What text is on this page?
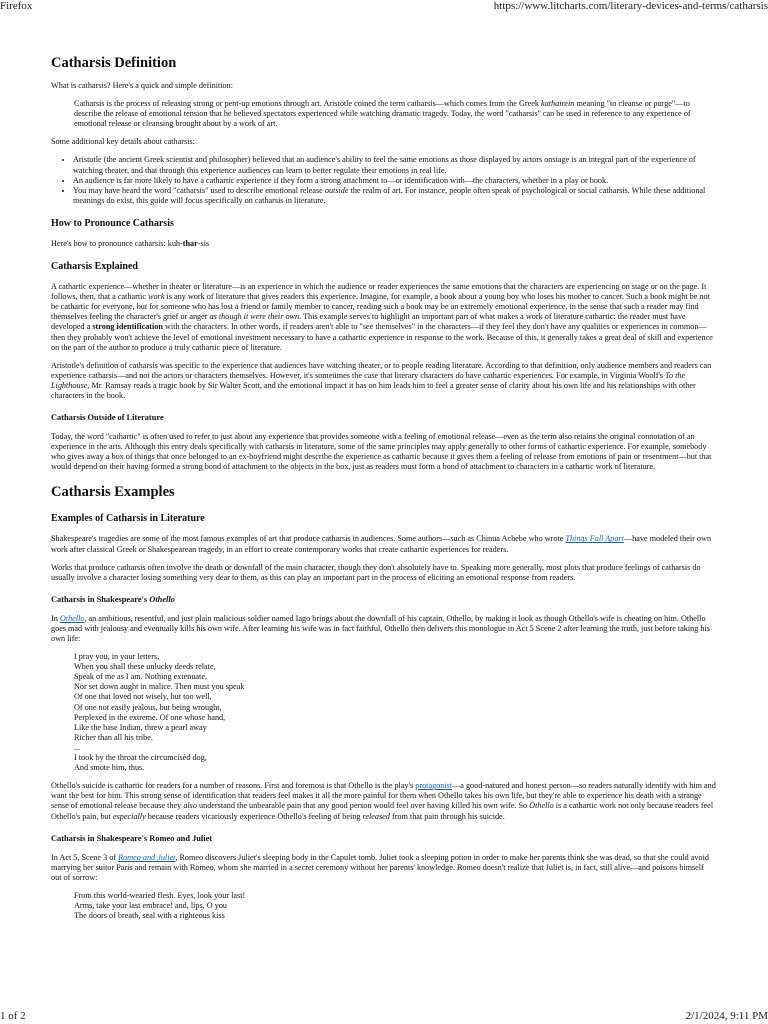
Firefox	https://www.litcharts.com/literary-devices-and-terms/catharsis
Catharsis Definition

What is catharsis? Here's a quick and simple definition:

Catharsis is the process of releasing strong or pent-up emotions through art. Aristotle coined the term catharsis—which comes from the Greek kathairein meaning "to cleanse or purge"—to describe the release of emotional tension that he believed spectators experienced while watching dramatic tragedy. Today, the word "catharsis" can be used in reference to any experience of emotional release or cleansing brought about by a work of art.

Some additional key details about catharsis:

• Aristotle (the ancient Greek scientist and philosopher) believed that an audience's ability to feel the same emotions as those displayed by actors onstage is an integral part of the experience of watching theater, and that through this experience audiences can learn to better regulate their emotions in real life.
• An audience is far more likely to have a cathartic experience if they form a strong attachment to—or identification with—the characters, whether in a play or book.
• You may have heard the word "catharsis" used to describe emotional release outside the realm of art. For instance, people often speak of psychological or social catharsis. While these additional meanings do exist, this guide will focus specifically on catharsis in literature.
How to Pronounce Catharsis

Here's how to pronounce catharsis: kuh-thar-sis

Catharsis Explained

A cathartic experience—whether in theater or literature—is an experience in which the audience or reader experiences the same emotions that the characters are experiencing on stage or on the page. It follows, then, that a cathartic work is any work of literature that gives readers this experience. Imagine, for example, a book about a young boy who loses his mother to cancer. Such a book might be not be cathartic for everyone, but for someone who has lost a friend or family member to cancer, reading such a book may be an extremely emotional experience, in the sense that such a reader may find themselves feeling the character's grief or anger as though it were their own. This example serves to highlight an important part of what makes a work of literature cathartic: the reader must have developed a strong identification with the characters. In other words, if readers aren't able to "see themselves" in the characters—if they feel they don't have any qualities or experiences in common—then they probably won't achieve the level of emotional investment necessary to have a cathartic experience in response to the work. Because of this, it generally takes a great deal of skill and experience on the part of the author to produce a truly cathartic piece of literature.

Aristotle's definition of catharsis was specific to the experience that audiences have watching theater, or to people reading literature. According to that definition, only audience members and readers can experience catharsis—and not the actors or characters themselves. However, it's sometimes the case that literary characters do have cathartic experiences. For example, in Virginia Woolf's To the Lighthouse, Mr. Ramsay reads a tragic book by Sir Walter Scott, and the emotional impact it has on him leads him to feel a greater sense of clarity about his own life and his relationships with other characters in the book.

Catharsis Outside of Literature

Today, the word "cathartic" is often used to refer to just about any experience that provides someone with a feeling of emotional release—even as the term also retains the original connotation of an experience in the arts. Although this entry deals specifically with catharsis in literature, some of the same principles may apply generally to other forms of cathartic experience. For example, somebody who gives away a box of things that once belonged to an ex-boyfriend might describe the experience as cathartic because it gives them a feeling of release from emotions of pain or resentment—but that would depend on their having formed a strong bond of attachment to the objects in the box, just as readers must form a bond of attachment to characters in a cathartic work of literature.

Catharsis Examples
Examples of Catharsis in Literature

Shakespeare's tragedies are some of the most famous examples of art that produce catharsis in audiences. Some authors—such as Chinua Achebe who wrote Things Fall Apart—have modeled their own work after classical Greek or Shakespearean tragedy, in an effort to create contemporary works that create cathartic experiences for readers.

Works that produce catharsis often involve the death or downfall of the main character, though they don't absolutely have to. Speaking more generally, most plots that produce feelings of catharsis do usually involve a character losing something very dear to them, as this can play an important part in the process of eliciting an emotional response from readers.

Catharsis in Shakespeare's Othello

In Othello, an ambitious, resentful, and just plain malicious soldier named Iago brings about the downfall of his captain, Othello, by making it look as though Othello's wife is cheating on him. Othello goes mad with jealousy and eventually kills his own wife. After learning his wife was in fact faithful, Othello then delivers this monologue in Act 5 Scene 2 after learning the truth, just before taking his own life:

I pray you, in your letters,
When you shall these unlucky deeds relate,
Speak of me as I am. Nothing extenuate,
Nor set down aught in malice. Then must you speak
Of one that loved not wisely, but too well,
Of one not easily jealous, but being wrought,
Perplexed in the extreme. Of one whose hand,
Like the base Indian, threw a pearl away
Richer than all his tribe.
...
I took by the throat the circumcisèd dog,
And smote him, thus.

Othello's suicide is cathartic for readers for a number of reasons. First and foremost is that Othello is the play's protagonist—a good-natured and honest person—so readers naturally identify with him and want the best for him. This strong sense of identification that readers feel makes it all the more painful for them when Othello takes his own life, but they're able to experience his death with a strange sense of emotional release because they also understand the unbearable pain that any good person would feel over having killed his own wife. So Othello is a cathartic work not only because readers feel Othello's pain, but especially because readers vicariously experience Othello's feeling of being released from that pain through his suicide.

Catharsis in Shakespeare's Romeo and Juliet

In Act 5, Scene 3 of Romeo and Juliet, Romeo discovers Juliet's sleeping body in the Capulet tomb. Juliet took a sleeping potion in order to make her parents think she was dead, so that she could avoid marrying her suitor Paris and remain with Romeo, whom she married in a secret ceremony without her parents' knowledge. Romeo doesn't realize that Juliet is, in fact, still alive—and poisons himself out of sorrow:

From this world-wearied flesh. Eyes, look your last!
Arms, take your last embrace! and, lips, O you
The doors of breath, seal with a righteous kiss
1 of 2	2/1/2024, 9:11 PM
